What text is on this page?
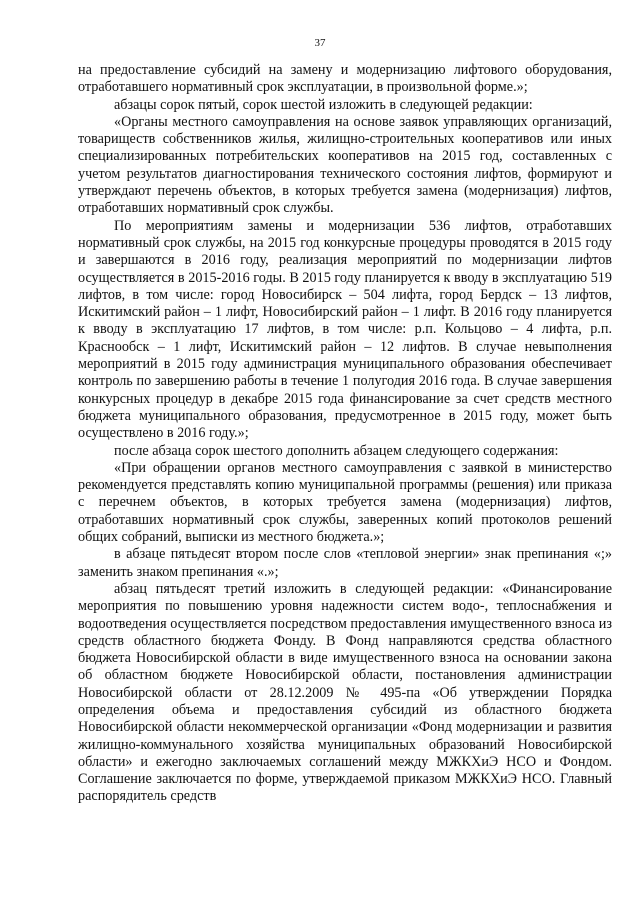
37

на предоставление субсидий на замену и модернизацию лифтового оборудования, отработавшего нормативный срок эксплуатации, в произвольной форме.»;

абзацы сорок пятый, сорок шестой изложить в следующей редакции:

«Органы местного самоуправления на основе заявок управляющих организаций, товариществ собственников жилья, жилищно-строительных кооперативов или иных специализированных потребительских кооперативов на 2015 год, составленных с учетом результатов диагностирования технического состояния лифтов, формируют и утверждают перечень объектов, в которых требуется замена (модернизация) лифтов, отработавших нормативный срок службы.

По мероприятиям замены и модернизации 536 лифтов, отработавших нормативный срок службы, на 2015 год конкурсные процедуры проводятся в 2015 году и завершаются в 2016 году, реализация мероприятий по модернизации лифтов осуществляется в 2015-2016 годы. В 2015 году планируется к вводу в эксплуатацию 519 лифтов, в том числе: город Новосибирск – 504 лифта, город Бердск – 13 лифтов, Искитимский район – 1 лифт, Новосибирский район – 1 лифт. В 2016 году планируется к вводу в эксплуатацию 17 лифтов, в том числе: р.п. Кольцово – 4 лифта, р.п. Краснообск – 1 лифт, Искитимский район – 12 лифтов. В случае невыполнения мероприятий в 2015 году администрация муниципального образования обеспечивает контроль по завершению работы в течение 1 полугодия 2016 года. В случае завершения конкурсных процедур в декабре 2015 года финансирование за счет средств местного бюджета муниципального образования, предусмотренное в 2015 году, может быть осуществлено в 2016 году.»;

после абзаца сорок шестого дополнить абзацем следующего содержания:

«При обращении органов местного самоуправления с заявкой в министерство рекомендуется представлять копию муниципальной программы (решения) или приказа с перечнем объектов, в которых требуется замена (модернизация) лифтов, отработавших нормативный срок службы, заверенных копий протоколов решений общих собраний, выписки из местного бюджета.»;

в абзаце пятьдесят втором после слов «тепловой энергии» знак препинания «;» заменить знаком препинания «.»;

абзац пятьдесят третий изложить в следующей редакции: «Финансирование мероприятия по повышению уровня надежности систем водо-, теплоснабжения и водоотведения осуществляется посредством предоставления имущественного взноса из средств областного бюджета Фонду. В Фонд направляются средства областного бюджета Новосибирской области в виде имущественного взноса на основании закона об областном бюджете Новосибирской области, постановления администрации Новосибирской области от 28.12.2009 № 495-па «Об утверждении Порядка определения объема и предоставления субсидий из областного бюджета Новосибирской области некоммерческой организации «Фонд модернизации и развития жилищно-коммунального хозяйства муниципальных образований Новосибирской области» и ежегодно заключаемых соглашений между МЖКХиЭ НСО и Фондом. Соглашение заключается по форме, утверждаемой приказом МЖКХиЭ НСО. Главный распорядитель средств
